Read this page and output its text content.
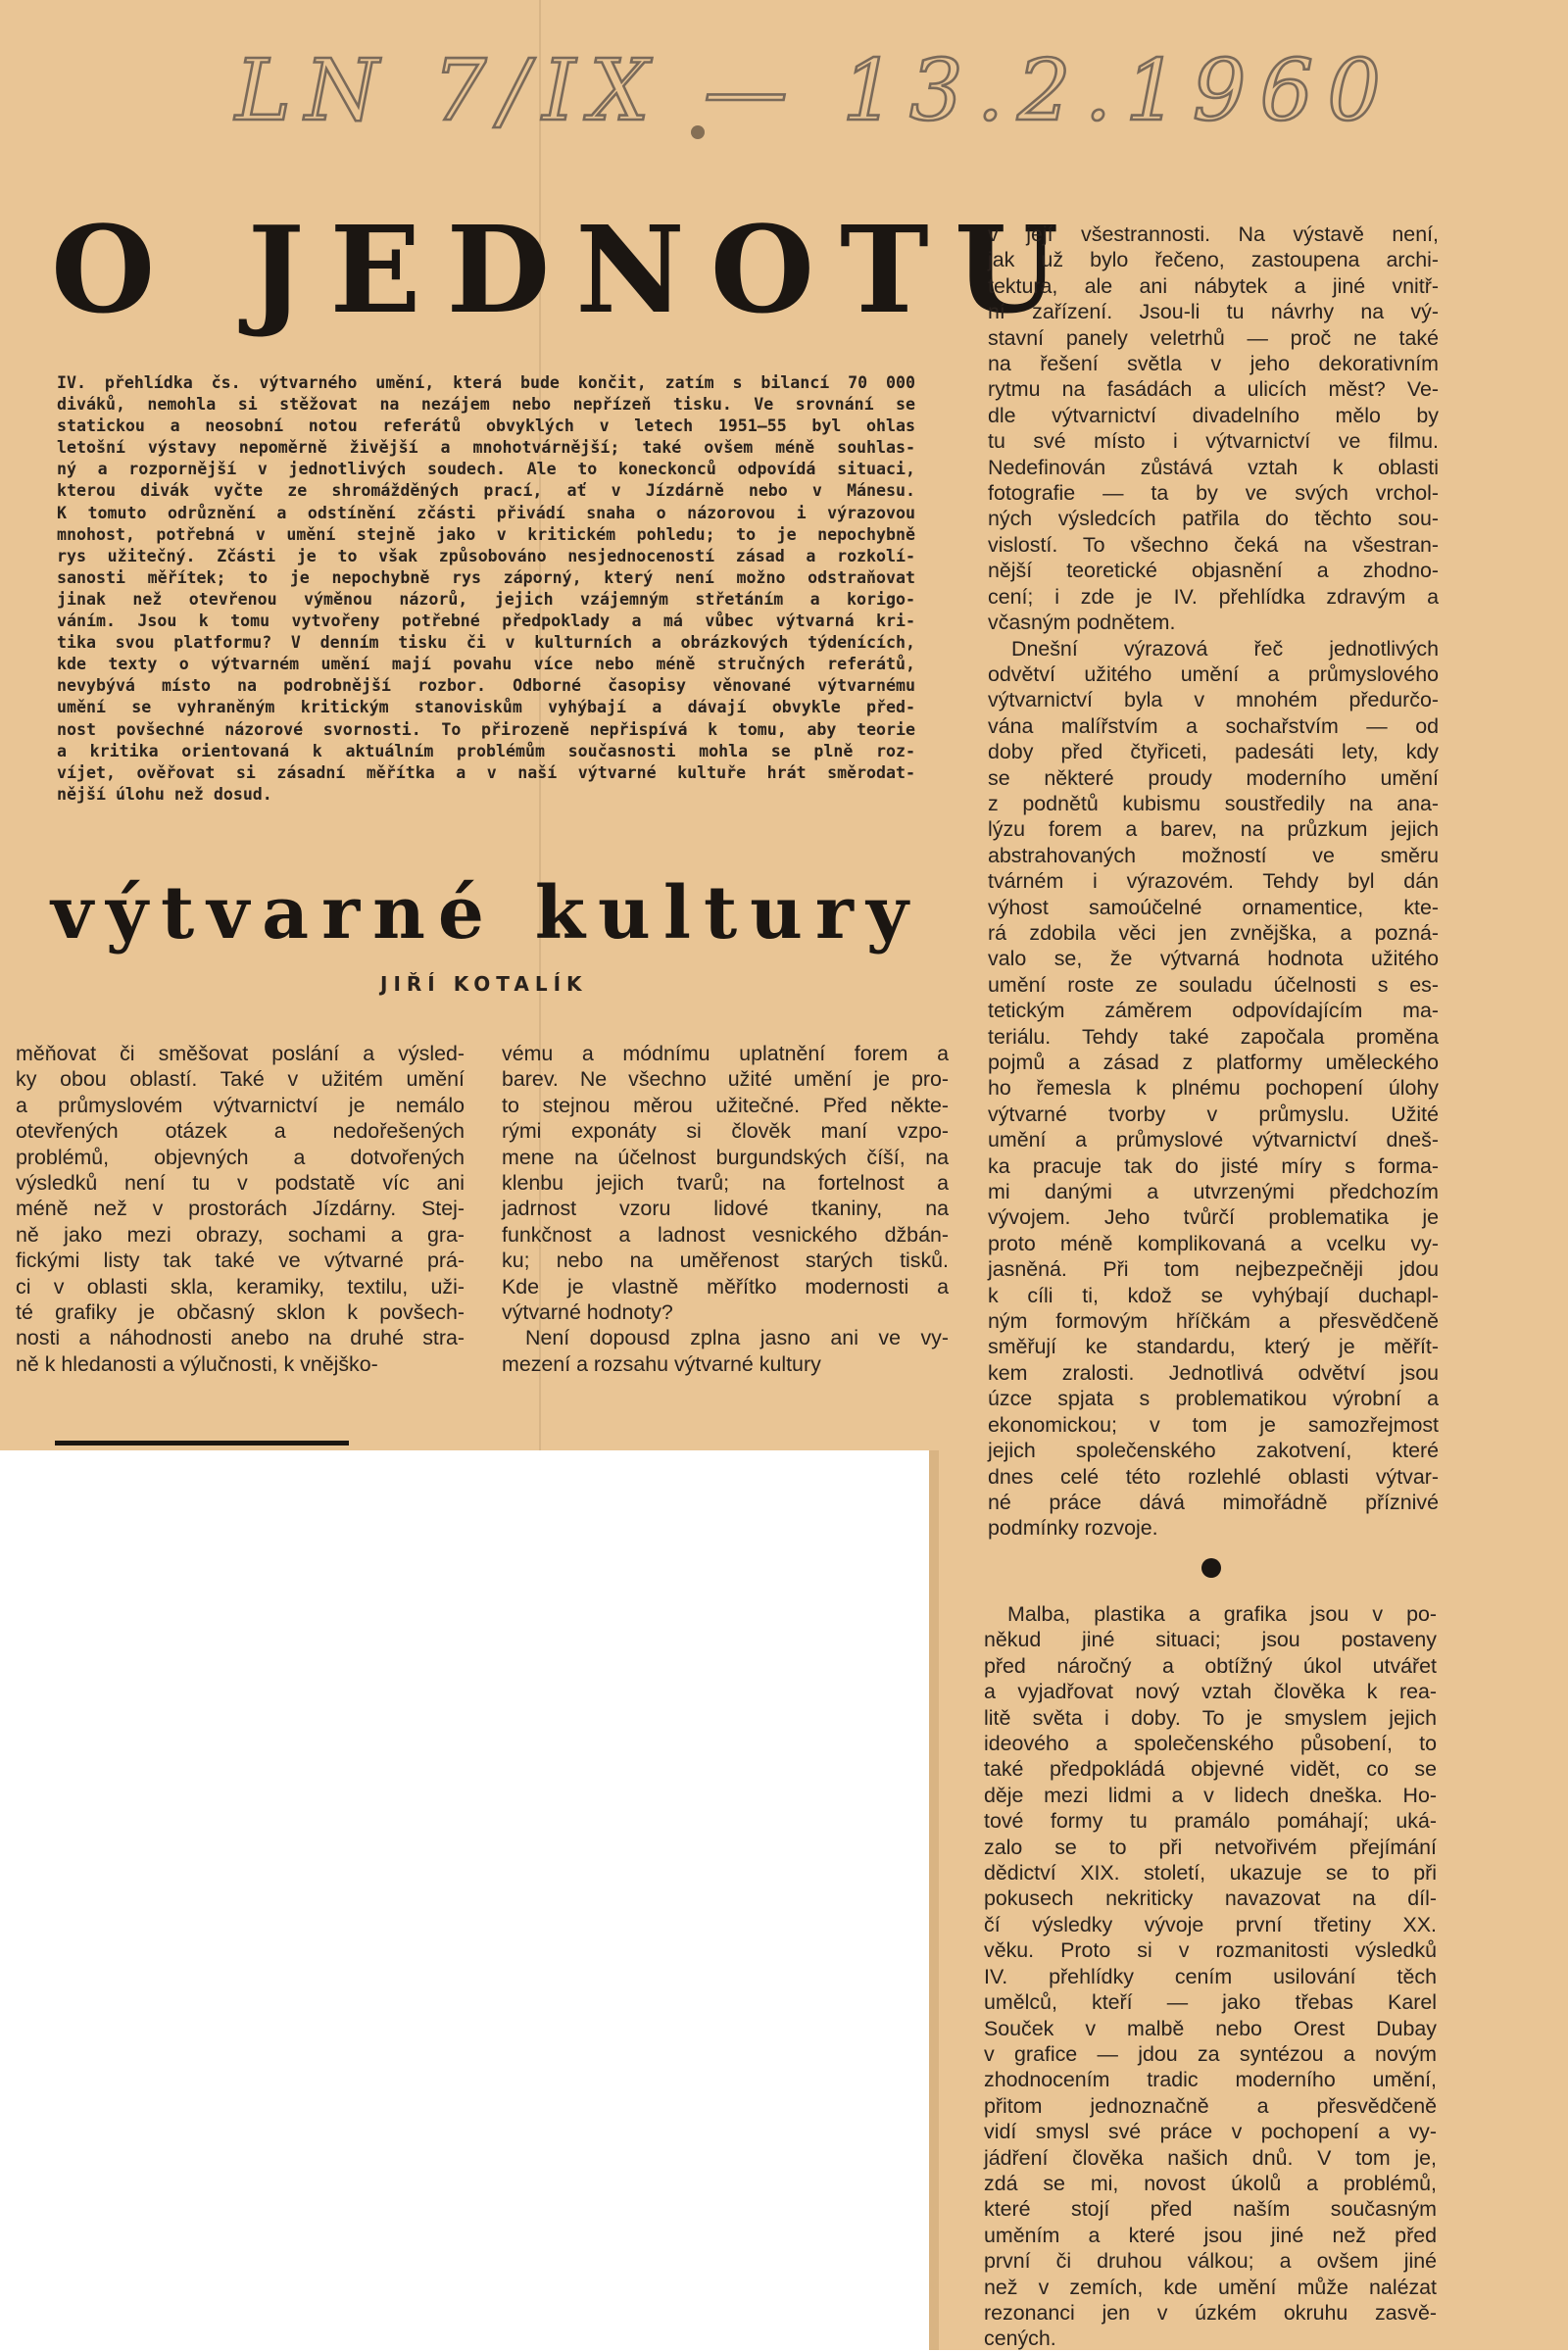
LN 7/IX — 13.2.1960
O JEDNOTU
IV. přehlídka čs. výtvarného umění, která bude končit, zatím s bilancí 70 000
diváků, nemohla si stěžovat na nezájem nebo nepřízeň tisku. Ve srovnání se
statickou a neosobní notou referátů obvyklých v letech 1951—55 byl ohlas
letošní výstavy nepoměrně živější a mnohotvárnější; také ovšem méně souhlas-
ný a rozpornější v jednotlivých soudech. Ale to koneckonců odpovídá situaci,
kterou divák vyčte ze shromážděných prací, ať v Jízdárně nebo v Mánesu.
K tomuto odrůznění a odstínění zčásti přivádí snaha o názorovou i výrazovou
mnohost, potřebná v umění stejně jako v kritickém pohledu; to je nepochybně
rys užitečný. Zčásti je to však způsobováno nesjednoceností zásad a rozkolí-
sanosti měřítek; to je nepochybně rys záporný, který není možno odstraňovat
jinak než otevřenou výměnou názorů, jejich vzájemným střetáním a korigo-
váním. Jsou k tomu vytvořeny potřebné předpoklady a má vůbec výtvarná kri-
tika svou platformu? V denním tisku či v kulturních a obrázkových týdenících,
kde texty o výtvarném umění mají povahu více nebo méně stručných referátů,
nevybývá místo na podrobnější rozbor. Odborné časopisy věnované výtvarnému
umění se vyhraněným kritickým stanoviskům vyhýbají a dávají obvykle před-
nost povšechné názorové svornosti. To přirozeně nepřispívá k tomu, aby teorie
a kritika orientovaná k aktuálním problémům současnosti mohla se plně roz-
víjet, ověřovat si zásadní měřítka a v naší výtvarné kultuře hrát směrodat-
nější úlohu než dosud.
výtvarné kultury
JIŘÍ KOTALÍK
měňovat či směšovat poslání a výsled-
ky obou oblastí. Také v užitém umění
a průmyslovém výtvarnictví je nemálo
otevřených otázek a nedořešených
problémů, objevných a dotvořených
výsledků není tu v podstatě víc ani
méně než v prostorách Jízdárny. Stej-
ně jako mezi obrazy, sochami a gra-
fickými listy tak také ve výtvarné prá-
ci v oblasti skla, keramiky, textilu, uži-
té grafiky je občasný sklon k povšech-
nosti a náhodnosti anebo na druhé stra-
ně k hledanosti a výlučnosti, k vnějško-
vému a módnímu uplatnění forem a
barev. Ne všechno užité umění je pro-
to stejnou měrou užitečné. Před někte-
rými exponáty si člověk maní vzpo-
mene na účelnost burgundských číší, na
klenbu jejich tvarů; na fortelnost a
jadrnost vzoru lidové tkaniny, na
funkčnost a ladnost vesnického džbán-
ku; nebo na uměřenost starých tisků.
Kde je vlastně měřítko modernosti a
výtvarné hodnoty?
Není dopousd zplna jasno ani ve vy-
mezení a rozsahu výtvarné kultury
v její všestrannosti. Na výstavě není,
jak už bylo řečeno, zastoupena archi-
tektura, ale ani nábytek a jiné vnitř-
ní zařízení. Jsou-li tu návrhy na vý-
stavní panely veletrhů — proč ne také
na řešení světla v jeho dekorativním
rytmu na fasádách a ulicích měst? Ve-
dle výtvarnictví divadelního mělo by
tu své místo i výtvarnictví ve filmu.
Nedefinován zůstává vztah k oblasti
fotografie — ta by ve svých vrchol-
ných výsledcích patřila do těchto sou-
vislostí. To všechno čeká na všestran-
nější teoretické objasnění a zhodno-
cení; i zde je IV. přehlídka zdravým a
včasným podnětem.
Dnešní výrazová řeč jednotlivých
odvětví užitého umění a průmyslového
výtvarnictví byla v mnohém předurčo-
vána malířstvím a sochařstvím — od
doby před čtyřiceti, padesáti lety, kdy
se některé proudy moderního umění
z podnětů kubismu soustředily na ana-
lýzu forem a barev, na průzkum jejich
abstrahovaných možností ve směru
tvárném i výrazovém. Tehdy byl dán
výhost samoúčelné ornamentice, kte-
rá zdobila věci jen zvnějška, a pozná-
valo se, že výtvarná hodnota užitého
umění roste ze souladu účelnosti s es-
tetickým záměrem odpovídajícím ma-
teriálu. Tehdy také započala proměna
pojmů a zásad z platformy uměleckého
ho řemesla k plnému pochopení úlohy
výtvarné tvorby v průmyslu. Užité
umění a průmyslové výtvarnictví dneš-
ka pracuje tak do jisté míry s forma-
mi danými a utvrzenými předchozím
vývojem. Jeho tvůrčí problematika je
proto méně komplikovaná a vcelku vy-
jasněná. Při tom nejbezpečněji jdou
k cíli ti, kdož se vyhýbají duchapl-
ným formovým hříčkám a přesvědčeně
směřují ke standardu, který je měřít-
kem zralosti. Jednotlivá odvětví jsou
úzce spjata s problematikou výrobní a
ekonomickou; v tom je samozřejmost
jejich společenského zakotvení, které
dnes celé této rozlehlé oblasti výtvar-
né práce dává mimořádně příznivé
podmínky rozvoje.
Malba, plastika a grafika jsou v po-
někud jiné situaci; jsou postaveny
před náročný a obtížný úkol utvářet
a vyjadřovat nový vztah člověka k rea-
litě světa i doby. To je smyslem jejich
ideového a společenského působení, to
také předpokládá objevné vidět, co se
děje mezi lidmi a v lidech dneška. Ho-
tové formy tu pramálo pomáhají; uká-
zalo se to při netvořivém přejímání
dědictví XIX. století, ukazuje se to při
pokusech nekriticky navazovat na díl-
čí výsledky vývoje první třetiny XX.
věku. Proto si v rozmanitosti výsledků
IV. přehlídky cením usilování těch
umělců, kteří — jako třebas Karel
Souček v malbě nebo Orest Dubay
v grafice — jdou za syntézou a novým
zhodnocením tradic moderního umění,
přitom jednoznačně a přesvědčeně
vidí smysl své práce v pochopení a vy-
jádření člověka našich dnů. V tom je,
zdá se mi, novost úkolů a problémů,
které stojí před naším současným
uměním a které jsou jiné než před
první či druhou válkou; a ovšem jiné
než v zemích, kde umění může nalézat
rezonanci jen v úzkém okruhu zasvě-
cených.
